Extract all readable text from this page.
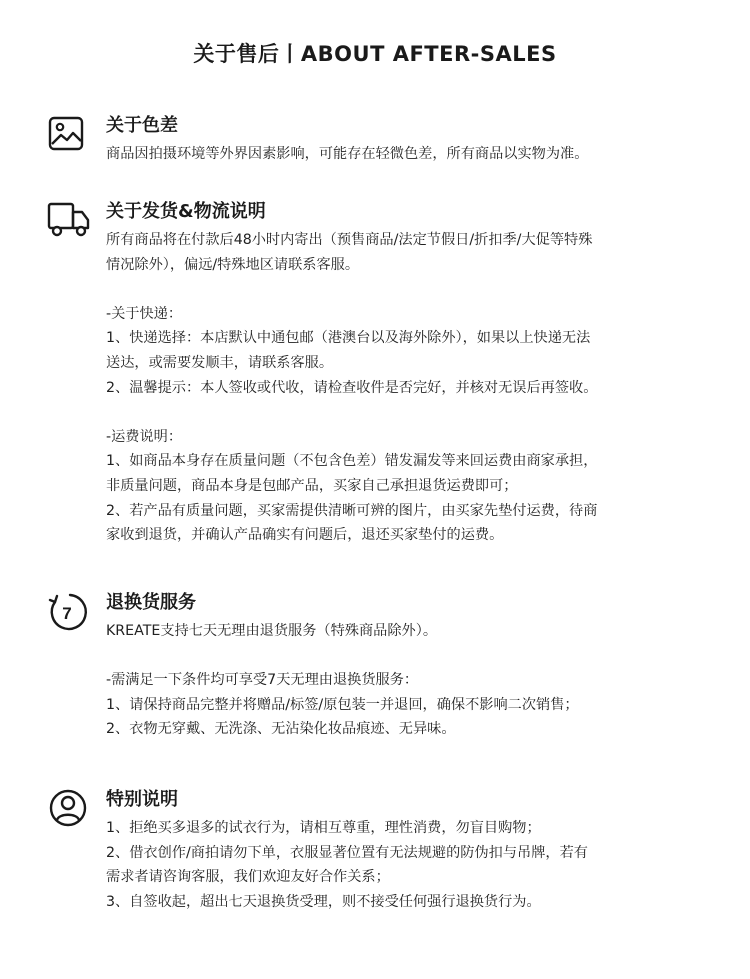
关于售后丨ABOUT AFTER-SALES
关于色差
商品因拍摄环境等外界因素影响，可能存在轻微色差，所有商品以实物为准。
关于发货&物流说明
所有商品将在付款后48小时内寄出（预售商品/法定节假日/折扣季/大促等特殊
情况除外），偏远/特殊地区请联系客服。
-关于快递：
1、快递选择：本店默认中通包邮（港澳台以及海外除外），如果以上快递无法
送达，或需要发顺丰，请联系客服。
2、温馨提示：本人签收或代收，请检查收件是否完好，并核对无误后再签收。
-运费说明：
1、如商品本身存在质量问题（不包含色差）错发漏发等来回运费由商家承担，
非质量问题，商品本身是包邮产品，买家自己承担退货运费即可；
2、若产品有质量问题，买家需提供清晰可辨的图片，由买家先垫付运费，待商
家收到退货，并确认产品确实有问题后，退还买家垫付的运费。
7
退换货服务
KREATE支持七天无理由退货服务（特殊商品除外）。
-需满足一下条件均可享受7天无理由退换货服务：
1、请保持商品完整并将赠品/标签/原包装一并退回，确保不影响二次销售；
2、衣物无穿戴、无洗涤、无沾染化妆品痕迹、无异味。
特别说明
1、拒绝买多退多的试衣行为，请相互尊重，理性消费，勿盲目购物；
2、借衣创作/商拍请勿下单，衣服显著位置有无法规避的防伪扣与吊牌，若有
需求者请咨询客服，我们欢迎友好合作关系；
3、自签收起，超出七天退换货受理，则不接受任何强行退换货行为。
